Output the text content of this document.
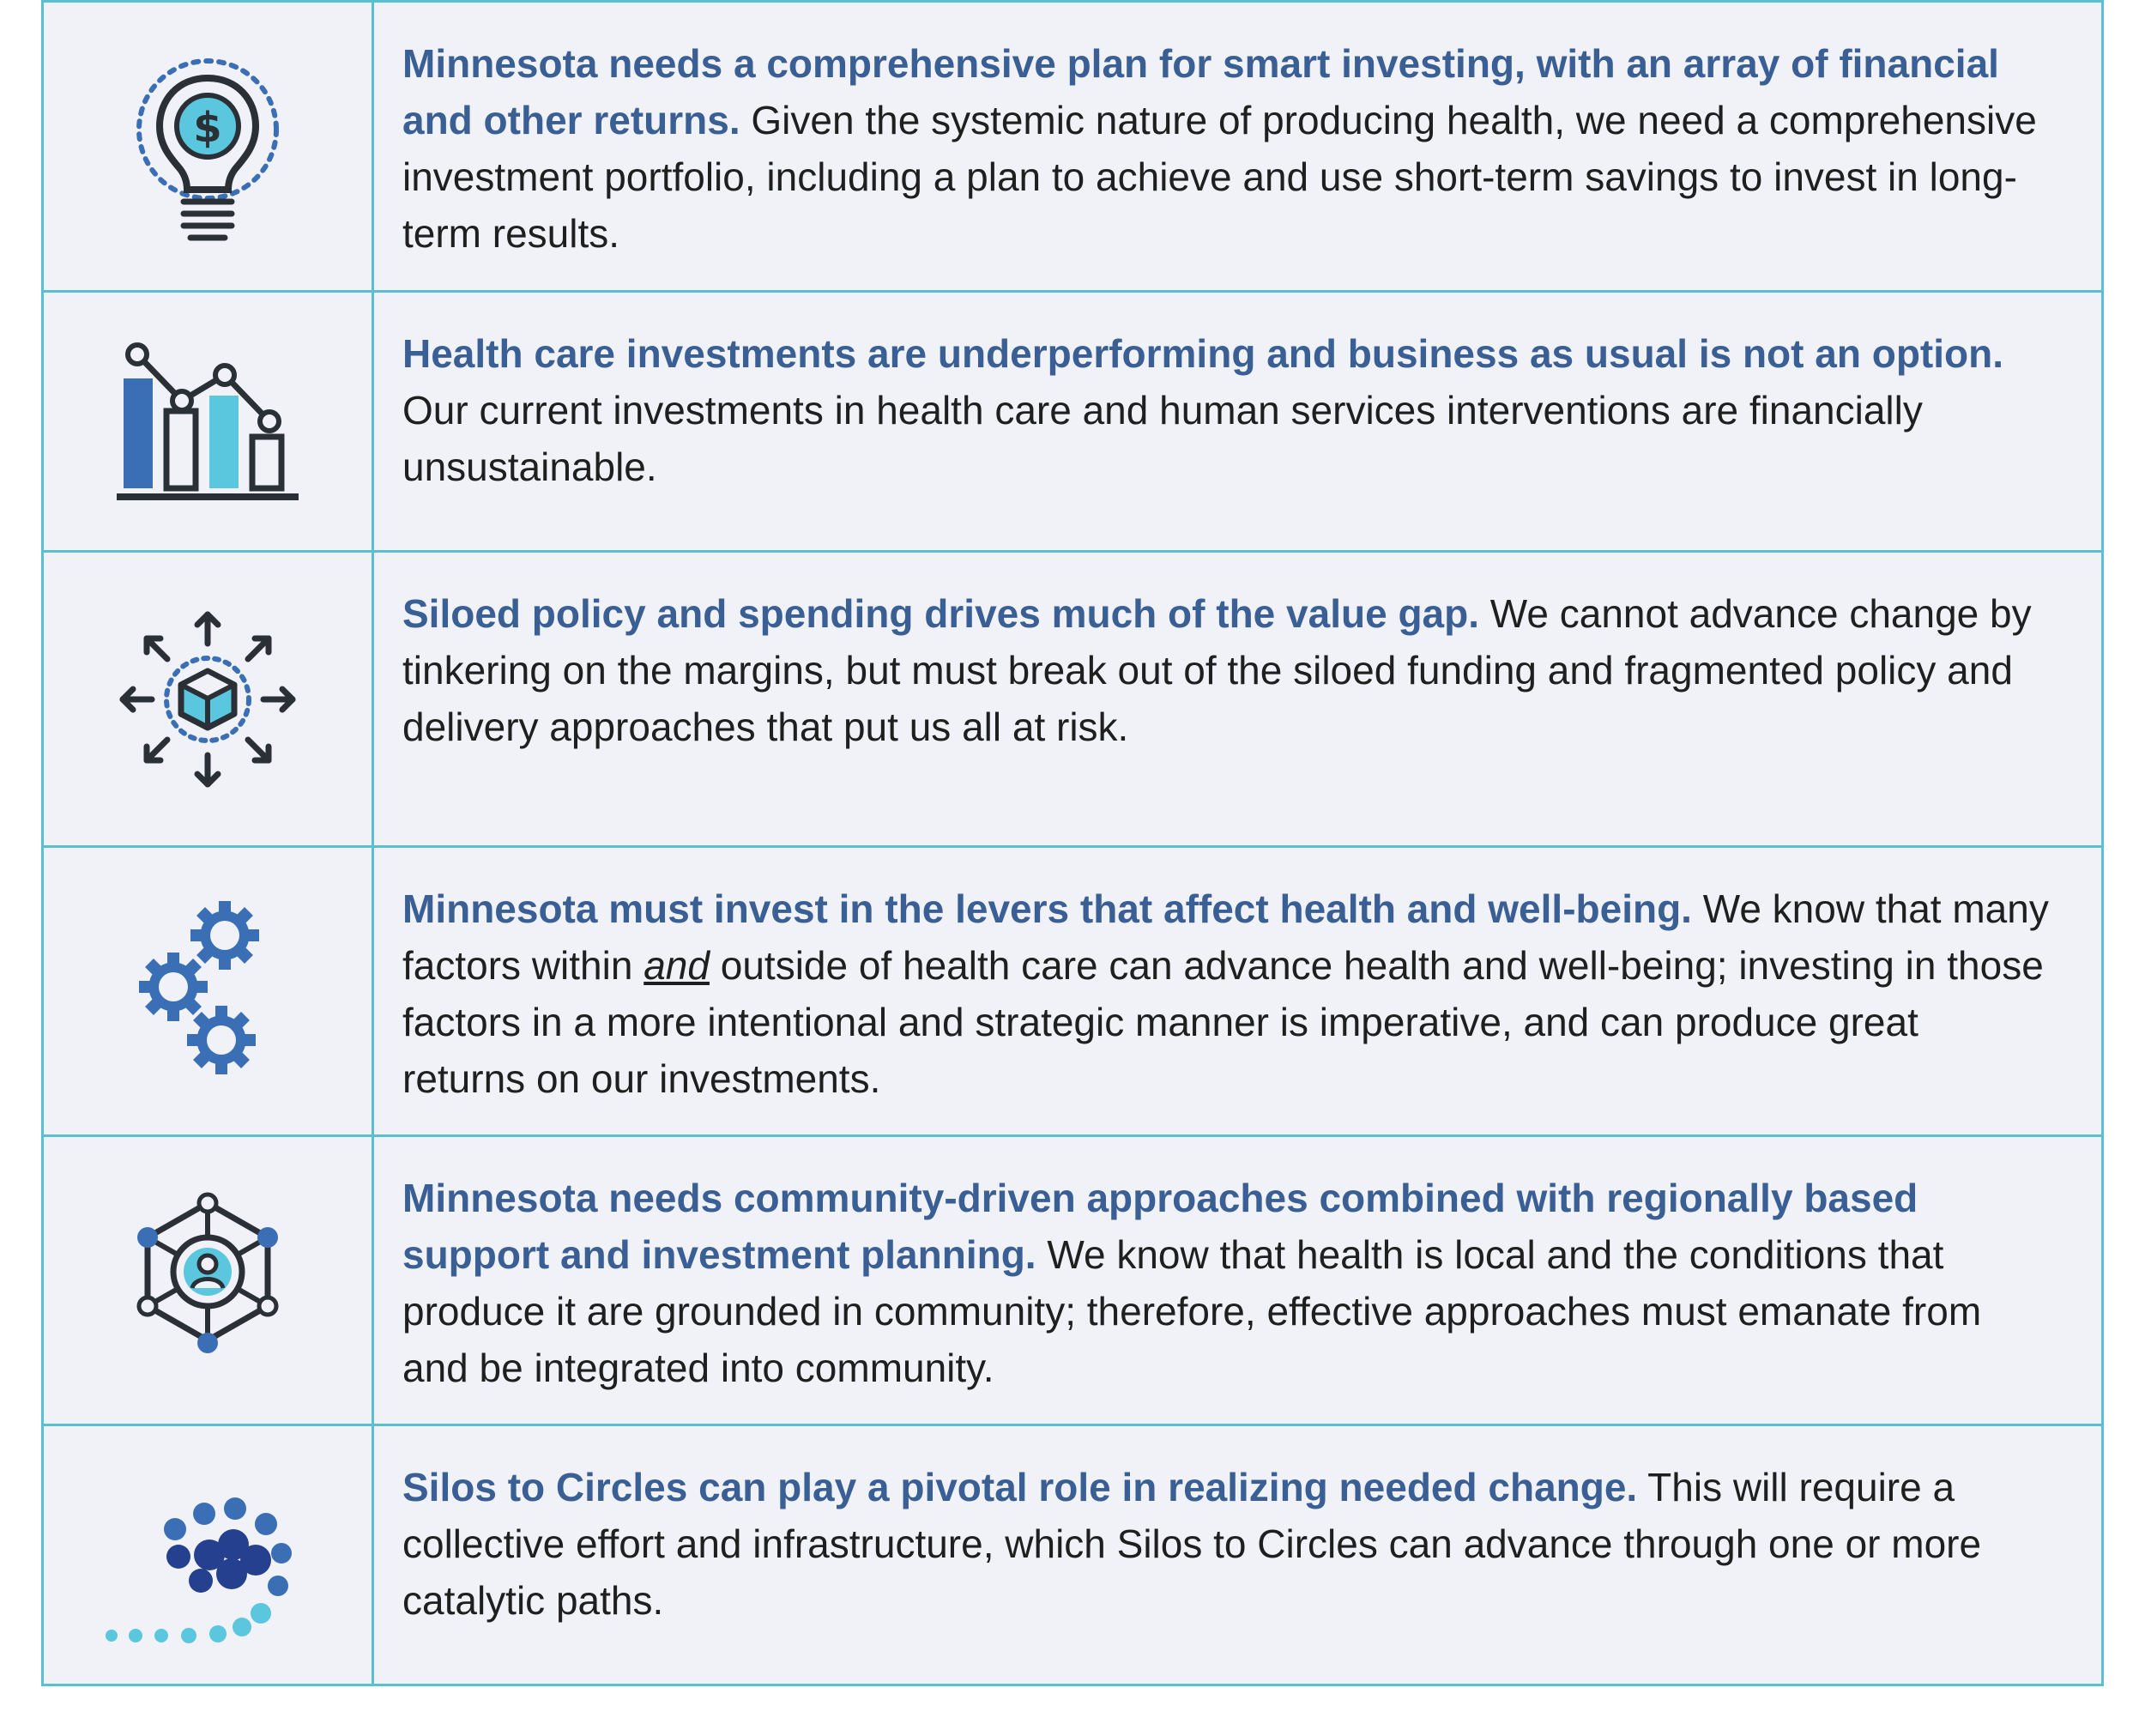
$
Minnesota needs a comprehensive plan for smart investing, with an array of financial and other returns. Given the systemic nature of producing health, we need a comprehensive investment portfolio, including a plan to achieve and use short-term savings to invest in long-term results.
Health care investments are underperforming and business as usual is not an option. Our current investments in health care and human services interventions are financially unsustainable.
Siloed policy and spending drives much of the value gap. We cannot advance change by tinkering on the margins, but must break out of the siloed funding and fragmented policy and delivery approaches that put us all at risk.
Minnesota must invest in the levers that affect health and well-being. We know that many factors within and outside of health care can advance health and well-being; investing in those factors in a more intentional and strategic manner is imperative, and can produce great returns on our investments.
Minnesota needs community-driven approaches combined with regionally based support and investment planning. We know that health is local and the conditions that produce it are grounded in community; therefore, effective approaches must emanate from and be integrated into community.
Silos to Circles can play a pivotal role in realizing needed change. This will require a collective effort and infrastructure, which Silos to Circles can advance through one or more catalytic paths.
